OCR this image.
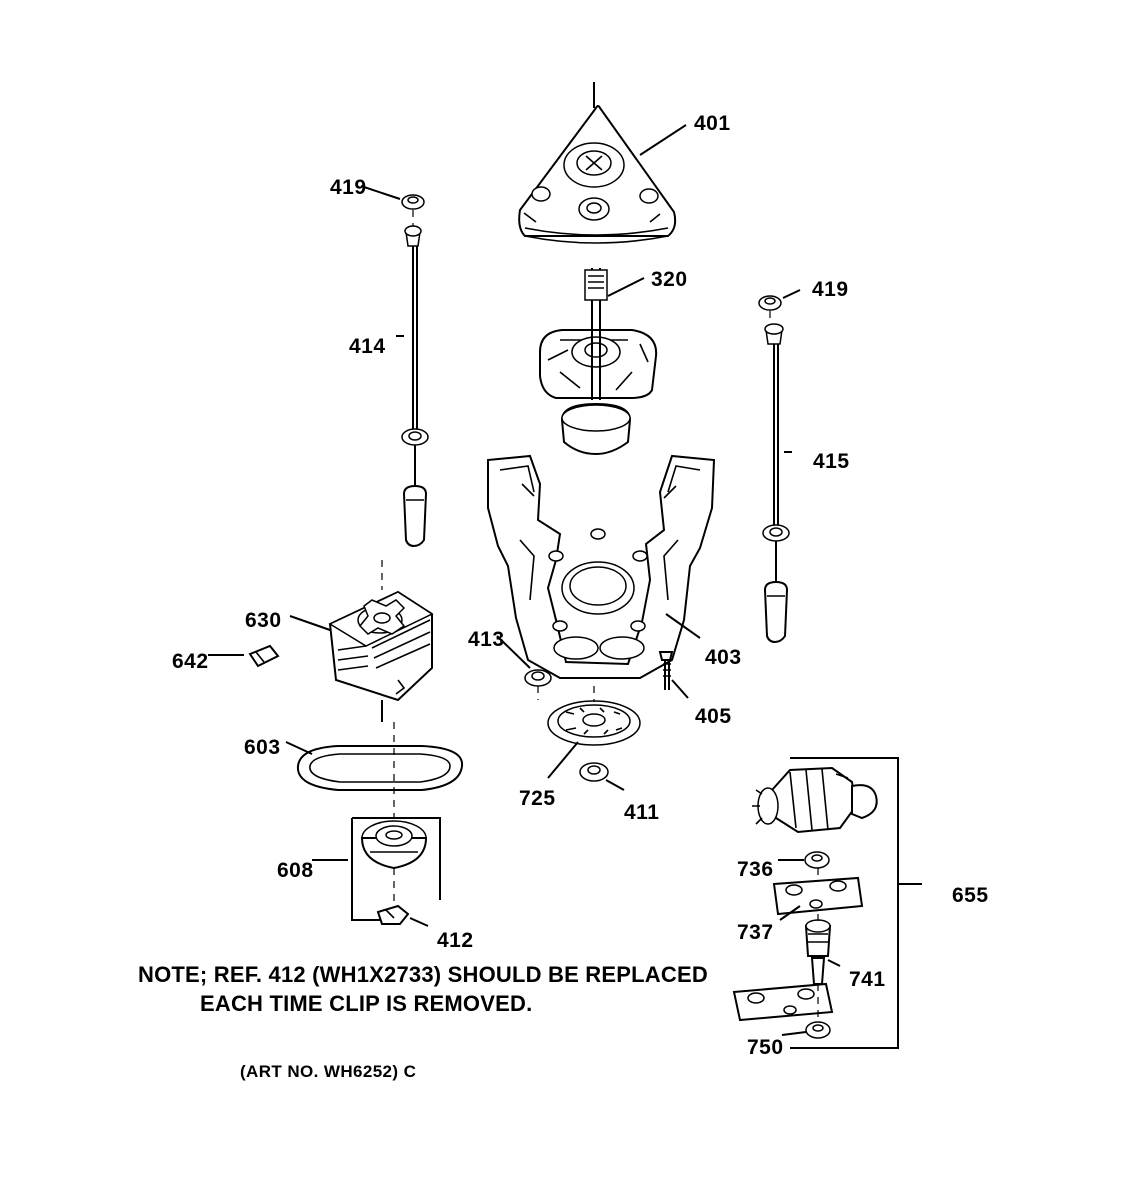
401
419
320	419
414
415
630
413
403
642
405
603
725
411
736
655
608
737
412
741
750
NOTE; REF. 412 (WH1X2733) SHOULD BE REPLACED
EACH TIME CLIP IS REMOVED.
(ART NO. WH6252) C
